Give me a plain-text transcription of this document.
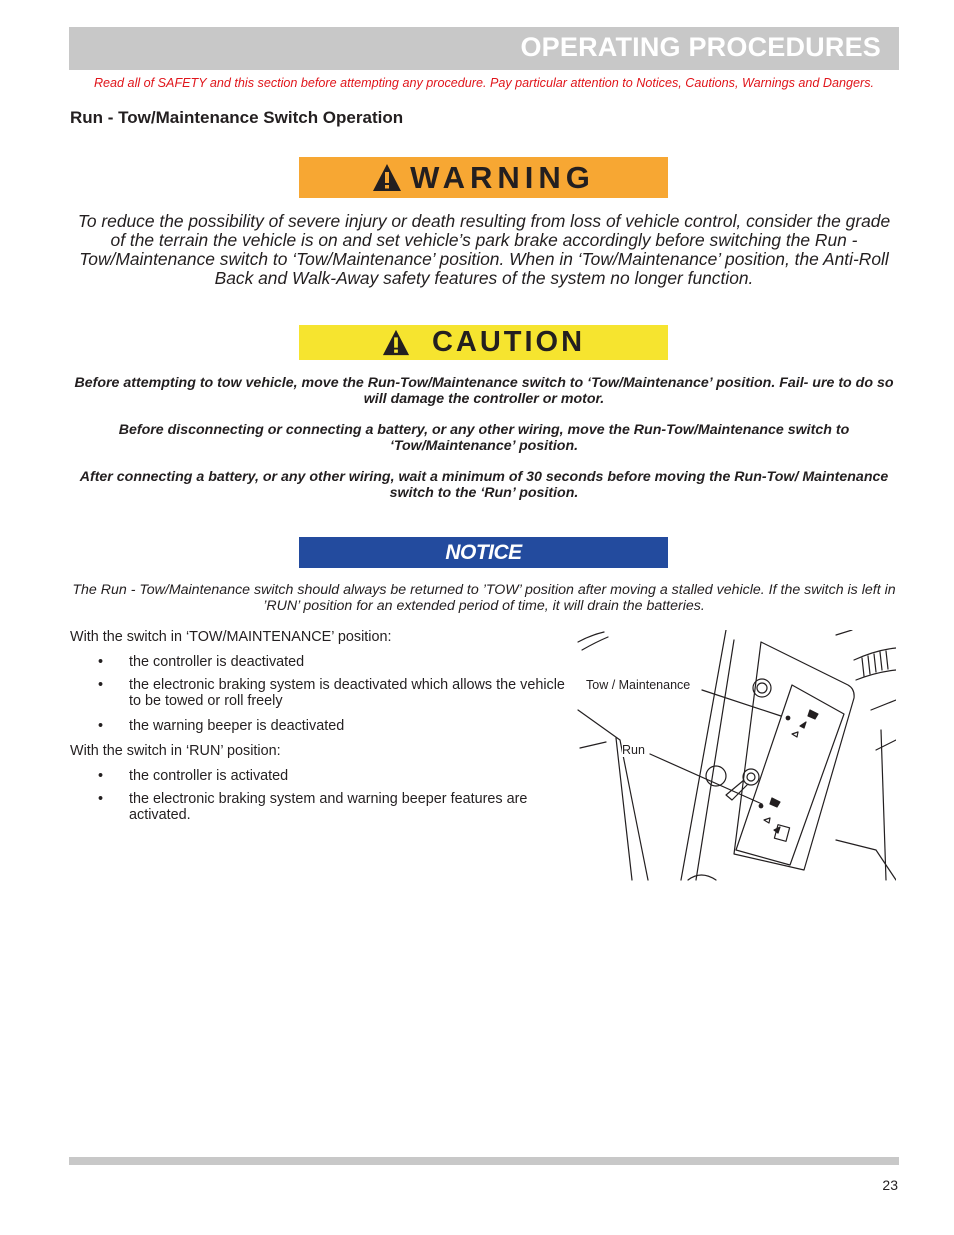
OPERATING PROCEDURES
Read all of SAFETY and this section before attempting any procedure. Pay particular attention to Notices, Cautions, Warnings and Dangers.
Run - Tow/Maintenance Switch Operation
WARNING
To reduce the possibility of severe injury or death resulting from loss of vehicle control, consider the grade of the terrain the vehicle is on and set vehicle’s park brake accordingly before switching the Run - Tow/Maintenance switch to ‘Tow/Maintenance’ position. When in ‘Tow/Maintenance’ position, the Anti-Roll Back and Walk-Away safety features of the system no longer function.
CAUTION
Before attempting to tow vehicle, move the Run-Tow/Maintenance switch to ‘Tow/Maintenance’ position. Fail- ure to do so will damage the controller or motor.
Before disconnecting or connecting a battery, or any other wiring, move the Run-Tow/Maintenance switch to ‘Tow/Maintenance’ position.
After connecting a battery, or any other wiring, wait a minimum of 30 seconds before moving the Run-Tow/ Maintenance switch to the ‘Run’ position.
NOTICE
The Run - Tow/Maintenance switch should always be returned to ’TOW’ position after moving a stalled vehicle. If the switch is left in ’RUN’ position for an extended period of time, it will drain the batteries.
With the switch in ‘TOW/MAINTENANCE’ position:
• the controller is deactivated
• the electronic braking system is deactivated which allows the vehicle to be towed or roll freely
• the warning beeper is deactivated
With the switch in ‘RUN’ position:
• the controller is activated
• the electronic braking system and warning beeper features are activated.
Tow / Maintenance
Run
23
